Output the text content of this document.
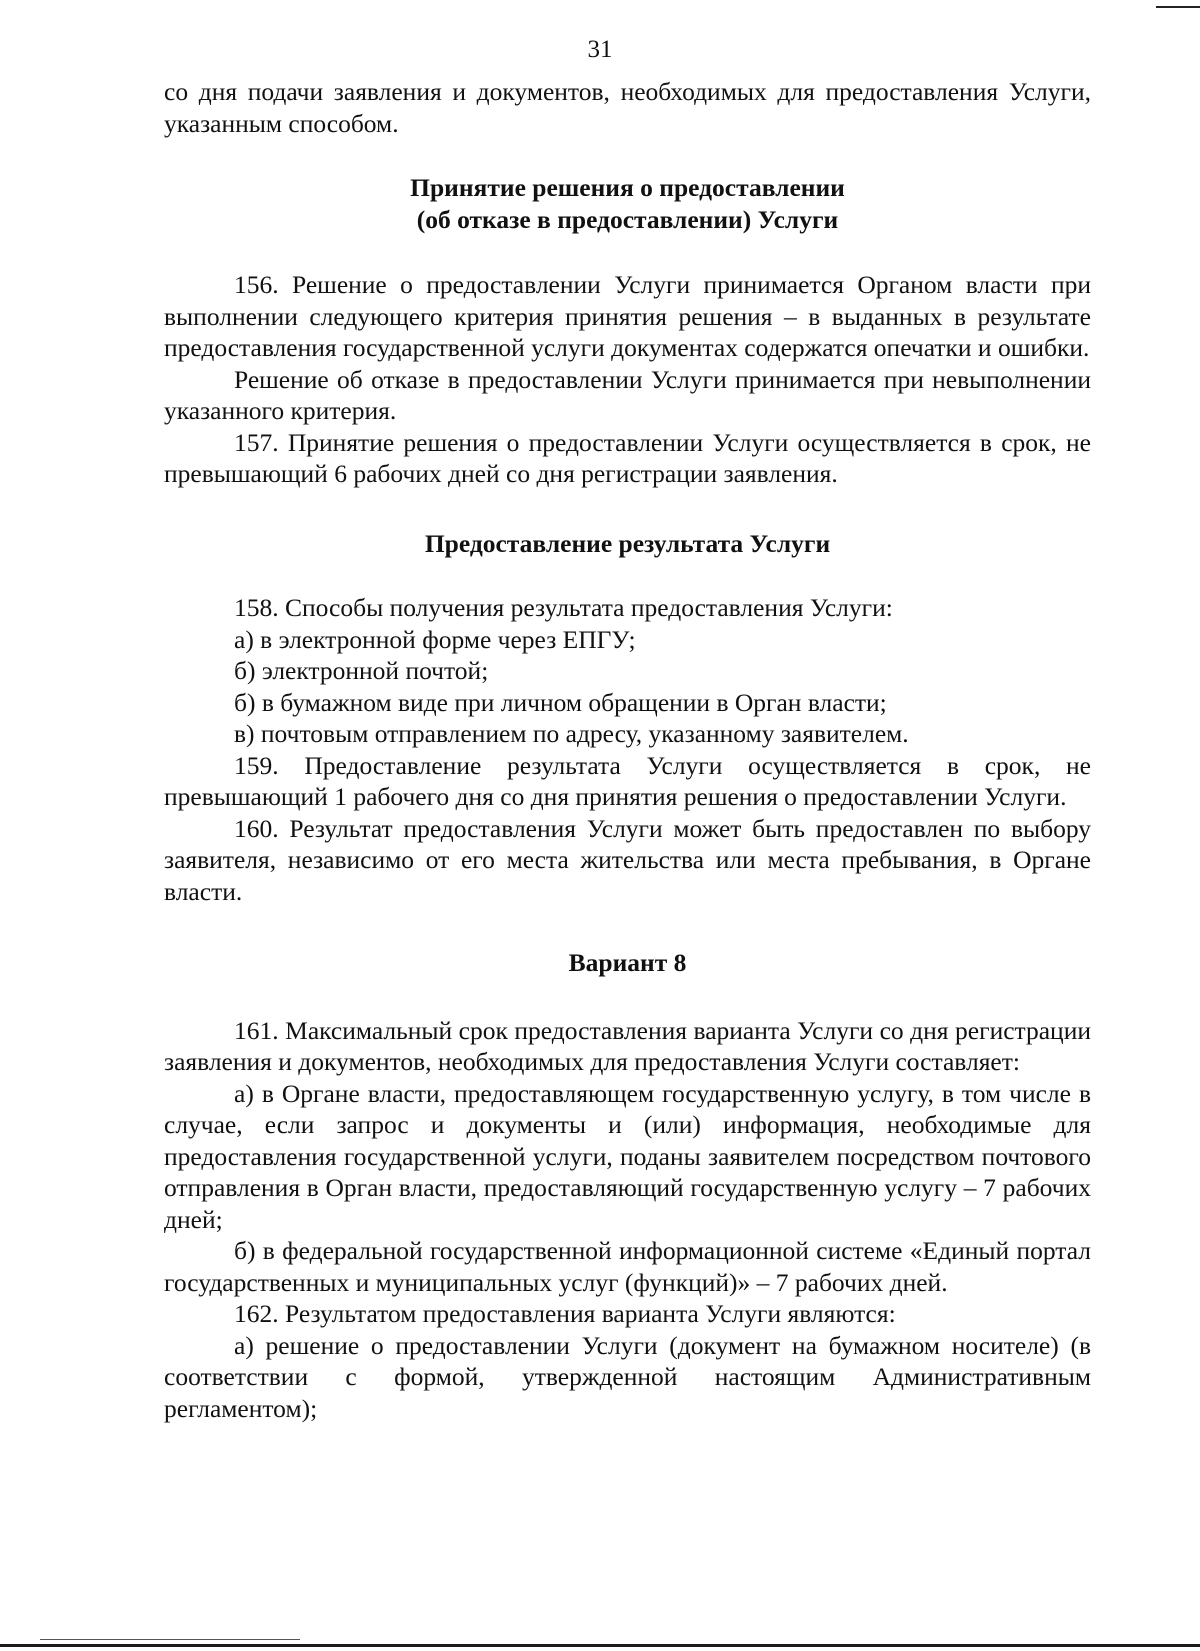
31

со дня подачи заявления и документов, необходимых для предоставления Услуги, указанным способом.

Принятие решения о предоставлении

(об отказе в предоставлении) Услуги

156. Решение о предоставлении Услуги принимается Органом власти при выполнении следующего критерия принятия решения – в выданных в результате предоставления государственной услуги документах содержатся опечатки и ошибки.

Решение об отказе в предоставлении Услуги принимается при невыполнении указанного критерия.

157. Принятие решения о предоставлении Услуги осуществляется в срок, не превышающий 6 рабочих дней со дня регистрации заявления.

Предоставление результата Услуги

158. Способы получения результата предоставления Услуги:

а) в электронной форме через ЕПГУ;

б) электронной почтой;

б) в бумажном виде при личном обращении в Орган власти;

в) почтовым отправлением по адресу, указанному заявителем.

159. Предоставление результата Услуги осуществляется в срок, не превышающий 1 рабочего дня со дня принятия решения о предоставлении Услуги.

160. Результат предоставления Услуги может быть предоставлен по выбору заявителя, независимо от его места жительства или места пребывания, в Органе власти.

Вариант 8

161. Максимальный срок предоставления варианта Услуги со дня регистрации заявления и документов, необходимых для предоставления Услуги составляет:

а) в Органе власти, предоставляющем государственную услугу, в том числе в случае, если запрос и документы и (или) информация, необходимые для предоставления государственной услуги, поданы заявителем посредством почтового отправления в Орган власти, предоставляющий государственную услугу – 7 рабочих дней;

б) в федеральной государственной информационной системе «Единый портал государственных и муниципальных услуг (функций)» – 7 рабочих дней.

162. Результатом предоставления варианта Услуги являются:

а) решение о предоставлении Услуги (документ на бумажном носителе) (в соответствии с формой, утвержденной настоящим Административным регламентом);
